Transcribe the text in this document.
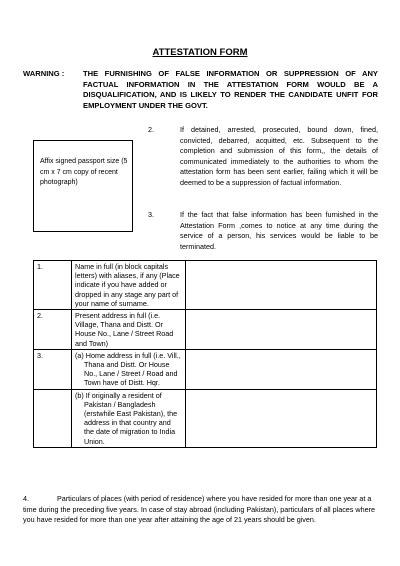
ATTESTATION FORM
WARNING :	THE FURNISHING OF FALSE INFORMATION OR SUPPRESSION OF ANY FACTUAL INFORMATION IN THE ATTESTATION FORM WOULD BE A DISQUALIFICATION, AND IS LIKELY TO RENDER THE CANDIDATE UNFIT FOR EMPLOYMENT UNDER THE GOVT.
Affix signed passport size (5 cm x 7 cm copy of recent photograph)
2.	If detained, arrested, prosecuted, bound down, fined, convicted, debarred, acquitted, etc. Subsequent to the completion and submission of this form,, the details of communicated immediately to the authorities to whom the attestation form has been sent earlier, failing which it will be deemed to be a suppression of factual information.
3.	If the fact that false information has been furnished in the Attestation Form ,comes to notice at any time during the service of a person, his services would be liable to be terminated.
1.	Name in full (in block capitals letters) with aliases, if any (Place indicate if you have added or dropped in any stage any part of your name of surname.	
2.	Present address in full (i.e. Village, Thana and Distt. Or House No., Lane / Street Road and Town)	
3.	(a) Home address in full (i.e. Vill., Thana and Distt. Or House No., Lane / Street / Road and Town have of Distt. Hqr.	

	(b) If originally a resident of Pakistan / Bangladesh (erstwhile East Pakistan), the address in that country and the date of migration to India Union.	

4.	Particulars of places (with period of residence) where you have resided for more than one year at a time during the preceding five years. In case of stay abroad (including Pakistan), particulars of all places where you have resided for more than one year after attaining the age of 21 years should be given.
